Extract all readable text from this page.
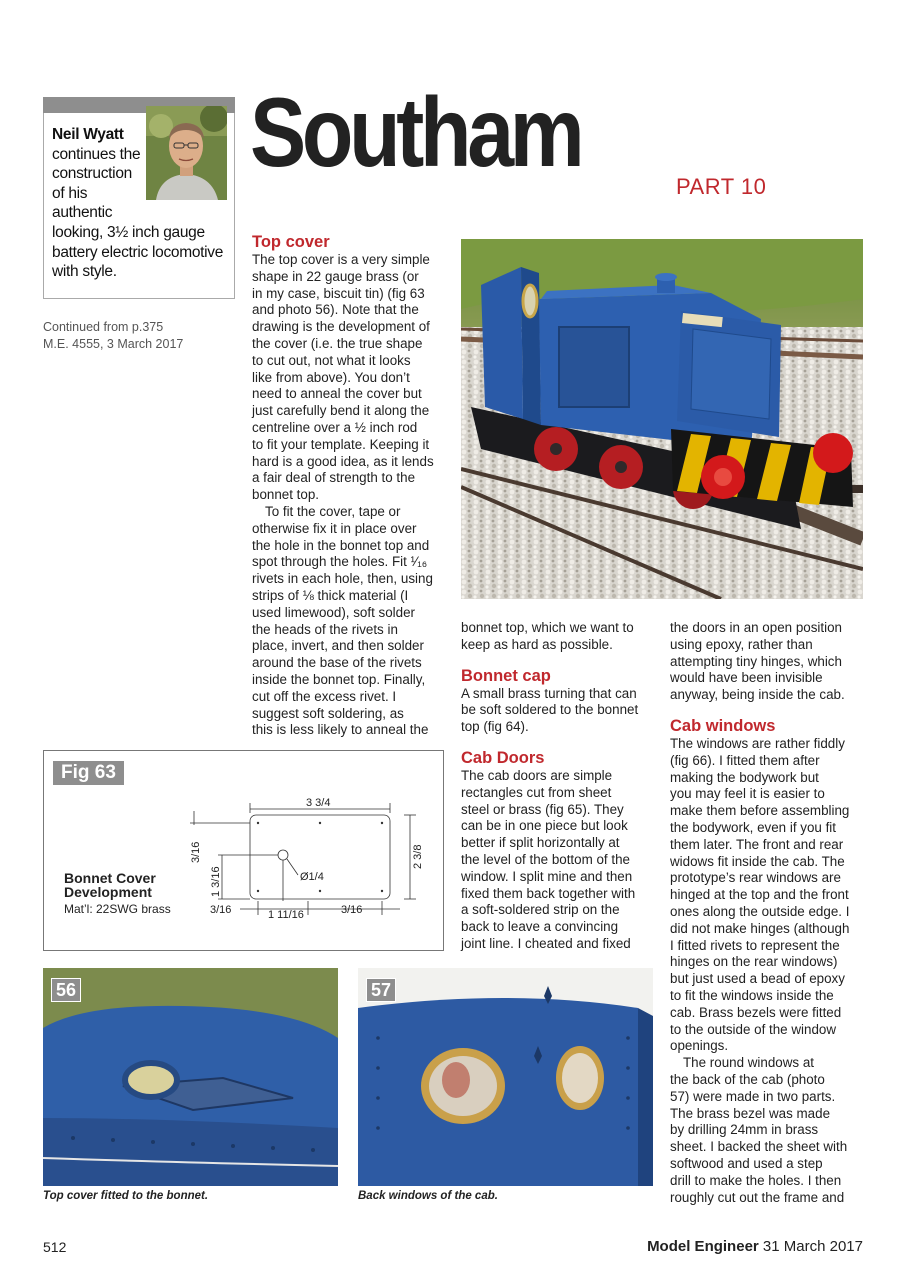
Neil Wyatt
continues the
construction
of his
authentic
looking, 3½ inch gauge
battery electric locomotive
with style.
Continued from p.375
M.E. 4555, 3 March 2017
Southam	PART 10
Top cover

The top cover is a very simple
shape in 22 gauge brass (or
in my case, biscuit tin) (fig 63
and photo 56). Note that the
drawing is the development of
the cover (i.e. the true shape
to cut out, not what it looks
like from above). You don’t
need to anneal the cover but
just carefully bend it along the
centreline over a ½ inch rod
to fit your template. Keeping it
hard is a good idea, as it lends
a fair deal of strength to the
bonnet top.

To fit the cover, tape or
otherwise fix it in place over
the hole in the bonnet top and
spot through the holes. Fit ¹⁄₁₆
rivets in each hole, then, using
strips of ⅛ thick material (I
used limewood), soft solder
the heads of the rivets in
place, invert, and then solder
around the base of the rivets
inside the bonnet top. Finally,
cut off the excess rivet. I
suggest soft soldering, as
this is less likely to anneal the

bonnet top, which we want to
keep as hard as possible.

Bonnet cap

A small brass turning that can
be soft soldered to the bonnet
top (fig 64).

Cab Doors

The cab doors are simple
rectangles cut from sheet
steel or brass (fig 65). They
can be in one piece but look
better if split horizontally at
the level of the bottom of the
window. I split mine and then
fixed them back together with
a soft-soldered strip on the
back to leave a convincing
joint line. I cheated and fixed

the doors in an open position
using epoxy, rather than
attempting tiny hinges, which
would have been invisible
anyway, being inside the cab.

Cab windows

The windows are rather fiddly
(fig 66). I fitted them after
making the bodywork but
you may feel it is easier to
make them before assembling
the bodywork, even if you fit
them later. The front and rear
widows fit inside the cab. The
prototype’s rear windows are
hinged at the top and the front
ones along the outside edge. I
did not make hinges (although
I fitted rivets to represent the
hinges on the rear windows)
but just used a bead of epoxy
to fit the windows inside the
cab. Brass bezels were fitted
to the outside of the window
openings.

The round windows at
the back of the cab (photo
57) were made in two parts.
The brass bezel was made
by drilling 24mm in brass
sheet. I backed the sheet with
softwood and used a step
drill to make the holes. I then
roughly cut out the frame and

Fig 63
3 3/4
2 3/8
3/16
1 3/16	Ø1/4
3/16	1 11/16	3/16
Bonnet Cover
Development
Mat’l: 22SWG brass
56
Top cover fitted to the bonnet.
57
Back windows of the cab.
512	Model Engineer 31 March 2017
